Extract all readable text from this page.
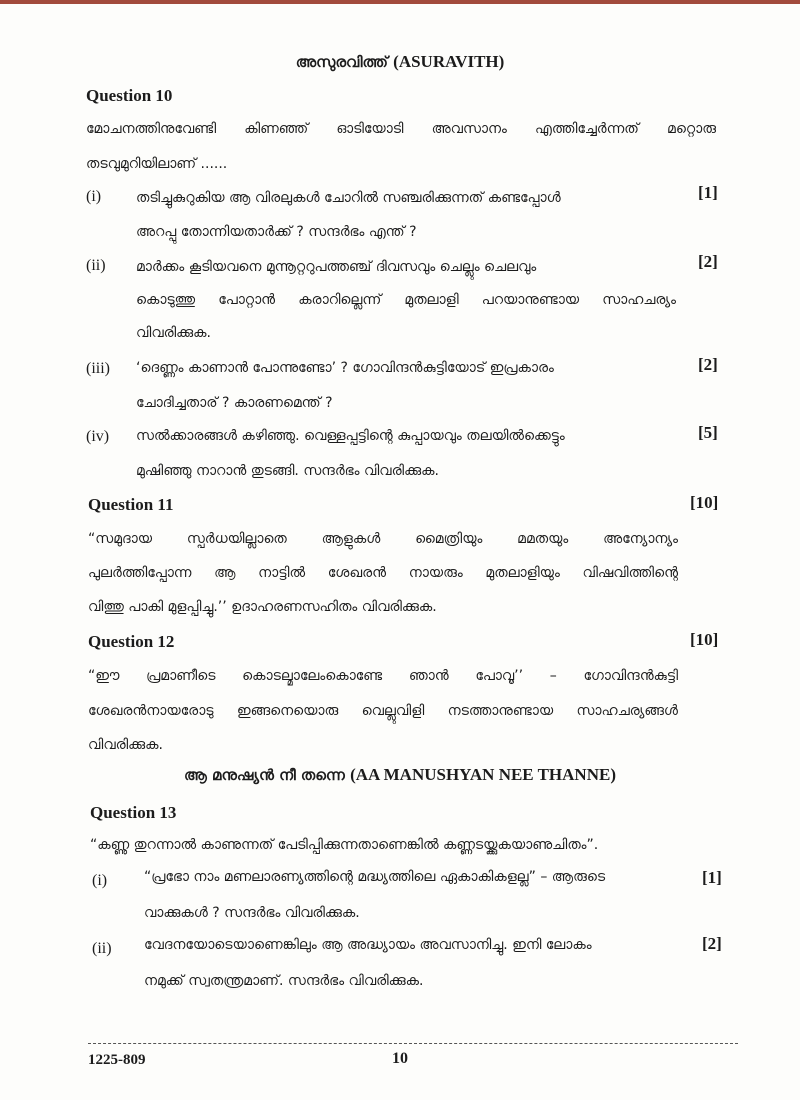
അസുരവിത്ത് (ASURAVITH)
Question 10
മോചനത്തിനുവേണ്ടി കിണഞ്ഞ് ഓടിയോടി അവസാനം എത്തിച്ചേർന്നത് മറ്റൊരു
തടവുമുറിയിലാണ് ......
(i) തടിച്ചുകുറുകിയ ആ വിരലുകൾ ചോറിൽ സഞ്ചരിക്കുന്നത് കണ്ടപ്പോൾ
അറപ്പു തോന്നിയതാർക്ക് ? സന്ദർഭം എന്ത് ?
[1]
(ii) മാർക്കം കൂടിയവനെ മുന്നൂറ്ററുപത്തഞ്ച് ദിവസവും ചെല്ലും ചെലവും
കൊടുത്തു പോറ്റാൻ കരാറില്ലെന്ന് മുതലാളി പറയാനുണ്ടായ സാഹചര്യം
വിവരിക്കുക.
[2]
(iii) ‘ദെണ്ണം കാണാൻ പോന്നുണ്ടോ’ ? ഗോവിന്ദൻകുട്ടിയോട് ഇപ്രകാരം
ചോദിച്ചതാര് ? കാരണമെന്ത് ?
[2]
(iv) സൽക്കാരങ്ങൾ കഴിഞ്ഞു. വെള്ളപ്പട്ടിന്റെ കുപ്പായവും തലയിൽക്കെട്ടും
മുഷിഞ്ഞു നാറാൻ തുടങ്ങി. സന്ദർഭം വിവരിക്കുക.
[5]
Question 11	[10]
“സമുദായ സ്പർധയില്ലാതെ ആളുകൾ മൈത്രിയും മമതയും അന്യോന്യം
പുലർത്തിപ്പോന്ന ആ നാട്ടിൽ ശേഖരൻ നായരും മുതലാളിയും വിഷവിത്തിന്റെ
വിത്തു പാകി മുളപ്പിച്ചു.’’ ഉദാഹരണസഹിതം വിവരിക്കുക.
Question 12	[10]
“ഈ പ്രമാണീടെ കൊടല്മാലേംകൊണ്ടേ ഞാൻ പോവൂ’’ – ഗോവിന്ദൻകുട്ടി
ശേഖരൻനായരോടു ഇങ്ങനെയൊരു വെല്ലുവിളി നടത്താനുണ്ടായ സാഹചര്യങ്ങൾ
വിവരിക്കുക.
ആ മനുഷ്യൻ നീ തന്നെ (AA MANUSHYAN NEE THANNE)
Question 13
“കണ്ണു തുറന്നാൽ കാണുന്നത് പേടിപ്പിക്കുന്നതാണെങ്കിൽ കണ്ണടയ്ക്കുകയാണുചിതം”.
(i)	“പ്രഭോ നാം മണലാരണ്യത്തിന്റെ മദ്ധ്യത്തിലെ ഏകാകികളല്ല” – ആരുടെ
വാക്കുകൾ ? സന്ദർഭം വിവരിക്കുക.
[1]
(ii) വേദനയോടെയാണെങ്കിലും ആ അദ്ധ്യായം അവസാനിച്ചു. ഇനി ലോകം
നമുക്ക് സ്വതന്ത്രമാണ്. സന്ദർഭം വിവരിക്കുക.
[2]
1225-809	10
